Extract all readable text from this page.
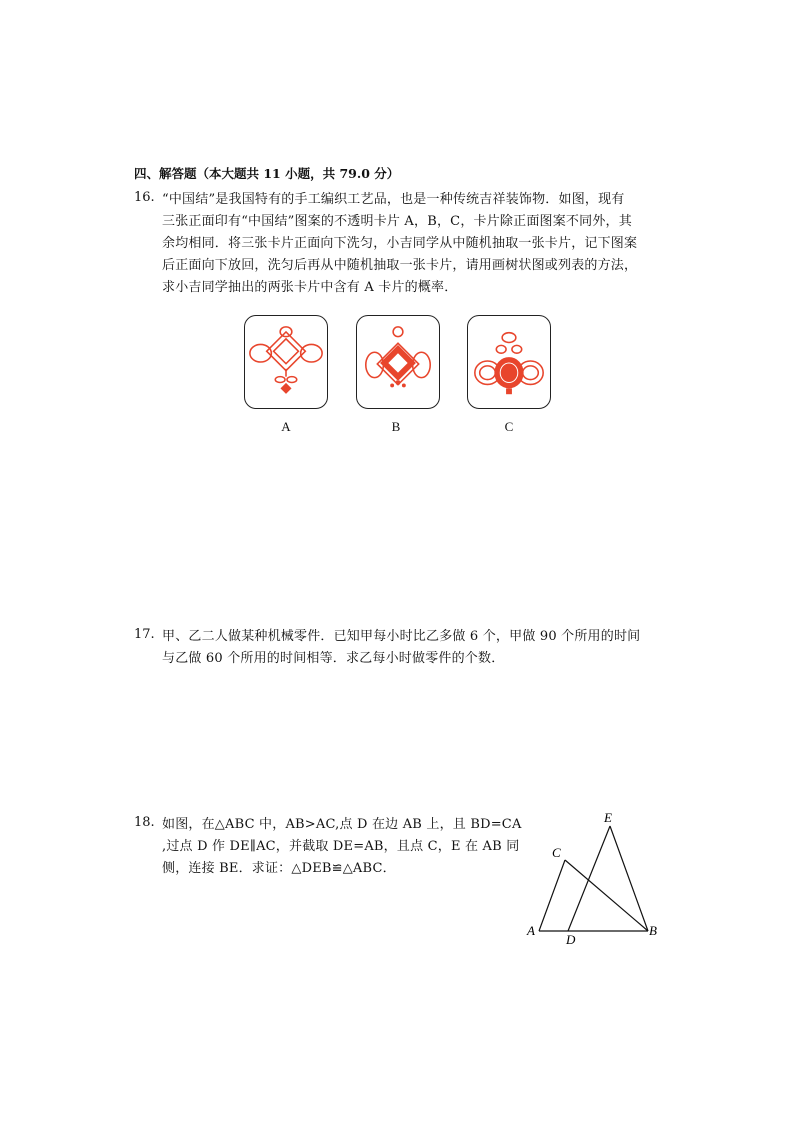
四、解答题（本大题共 11 小题，共 79.0 分）
16. “中国结”是我国特有的手工编织工艺品，也是一种传统吉祥装饰物．如图，现有
三张正面印有“中国结”图案的不透明卡片 A，B，C，卡片除正面图案不同外，其
余均相同．将三张卡片正面向下洗匀，小吉同学从中随机抽取一张卡片，记下图案
后正面向下放回，洗匀后再从中随机抽取一张卡片，请用画树状图或列表的方法，
求小吉同学抽出的两张卡片中含有 A 卡片的概率．
A	B	C
17. 甲、乙二人做某种机械零件．已知甲每小时比乙多做 6 个，甲做 90 个所用的时间
与乙做 60 个所用的时间相等．求乙每小时做零件的个数．
18. 如图，在△ABC 中，AB>AC,点 D 在边 AB 上，且 BD=CA
,过点 D 作 DE∥AC，并截取 DE=AB，且点 C，E 在 AB 同
侧，连接 BE．求证：△DEB≌△ABC．
E
C
A	B
D
